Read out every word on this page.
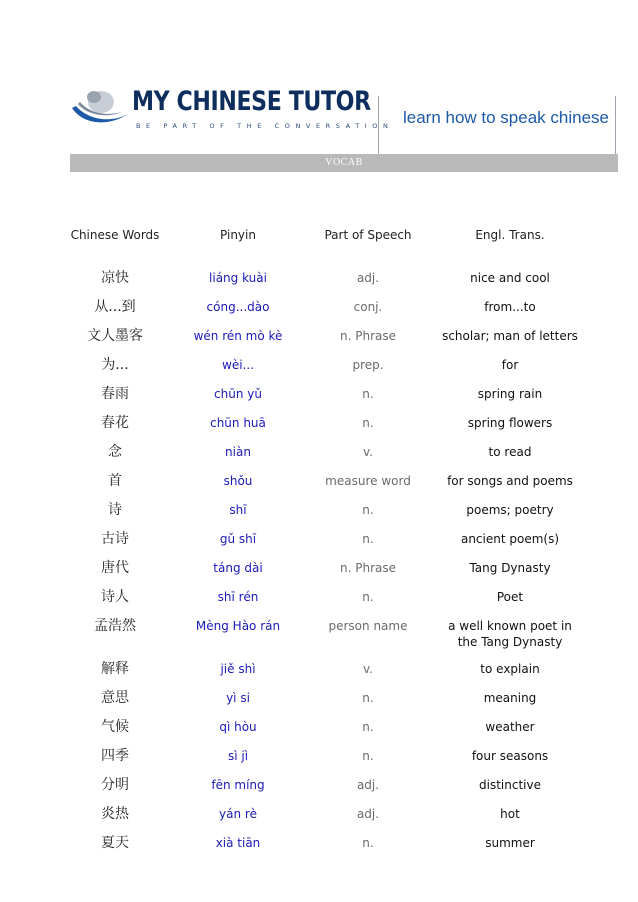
MY CHINESE TUTOR
BE PART OF THE CONVERSATION learn how to speak chinese
VOCAB
Chinese Words	Pinyin	Part of Speech	Engl. Trans.
凉快	liáng kuài	adj.	nice and cool
从...到	cóng...dào	conj.	from...to
文人墨客	wén rén mò kè	n. Phrase	scholar; man of letters
为...	wèi...	prep.	for
春雨	chūn yǔ	n.	spring rain
春花	chūn huā	n.	spring flowers
念	niàn	v.	to read
首	shǒu	measure word	for songs and poems
诗	shī	n.	poems; poetry
古诗	gǔ shī	n.	ancient poem(s)
唐代	táng dài	n. Phrase	Tang Dynasty
诗人	shī rén	n.	Poet
孟浩然	Mèng Hào rán	person name	a well known poet in the Tang Dynasty
解释	jiě shì	v.	to explain
意思	yì si	n.	meaning
气候	qì hòu	n.	weather
四季	sì jì	n.	four seasons
分明	fēn míng	adj.	distinctive
炎热	yán rè	adj.	hot
夏天	xià tiān	n.	summer
